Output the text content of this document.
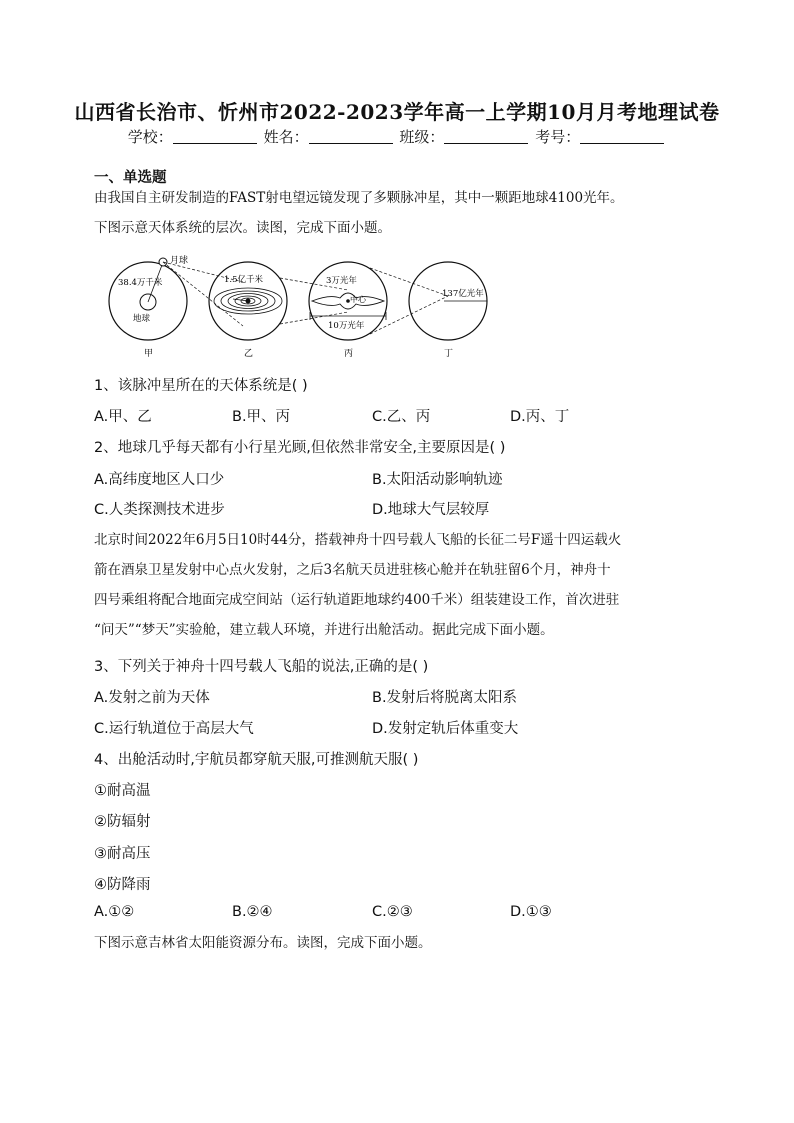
山西省长治市、忻州市2022-2023学年高一上学期10月月考地理试卷
学校：	姓名：	班级：	考号：
一、单选题
由我国自主研发制造的FAST射电望远镜发现了多颗脉冲星，其中一颗距地球4100光年。
下图示意天体系统的层次。读图，完成下面小题。
月球
38.4万千米
地球
甲
1.5亿千米
乙
3万光年
中心
10万光年
丙
137亿光年
丁
1、该脉冲星所在的天体系统是( )
A.甲、乙	B.甲、丙	C.乙、丙	D.丙、丁
2、地球几乎每天都有小行星光顾,但依然非常安全,主要原因是( )
A.高纬度地区人口少	B.太阳活动影响轨迹
C.人类探测技术进步	D.地球大气层较厚
北京时间2022年6月5日10时44分，搭载神舟十四号载人飞船的长征二号F遥十四运载火
箭在酒泉卫星发射中心点火发射，之后3名航天员进驻核心舱并在轨驻留6个月，神舟十
四号乘组将配合地面完成空间站（运行轨道距地球约400千米）组装建设工作，首次进驻
“问天”“梦天”实验舱，建立载人环境，并进行出舱活动。据此完成下面小题。
3、下列关于神舟十四号载人飞船的说法,正确的是( )
A.发射之前为天体	B.发射后将脱离太阳系
C.运行轨道位于高层大气	D.发射定轨后体重变大
4、出舱活动时,宇航员都穿航天服,可推测航天服( )
①耐高温
②防辐射
③耐高压
④防降雨
A.①②	B.②④	C.②③	D.①③
下图示意吉林省太阳能资源分布。读图，完成下面小题。
